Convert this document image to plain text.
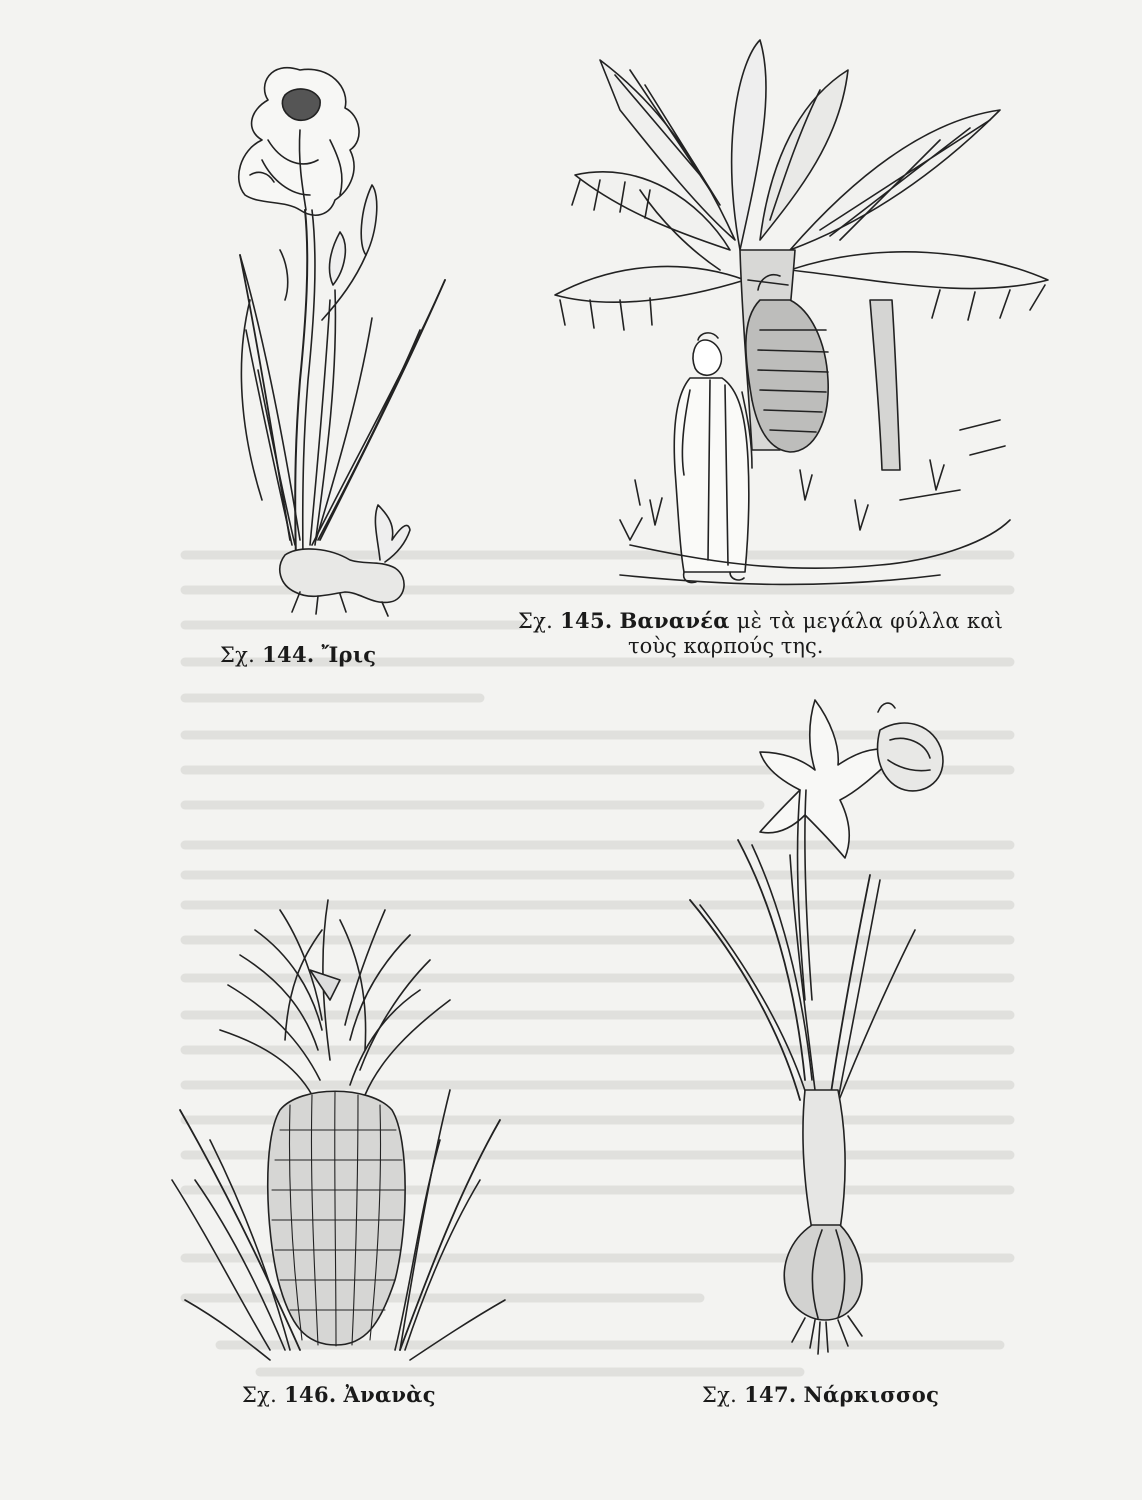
Σχ. 144. Ἴρις
Σχ. 145. Βανανέα μὲ τὰ μεγάλα φύλλα καὶ
τοὺς καρπούς της.
Σχ. 146. Ἀνανὰς	Σχ. 147. Νάρκισσος
